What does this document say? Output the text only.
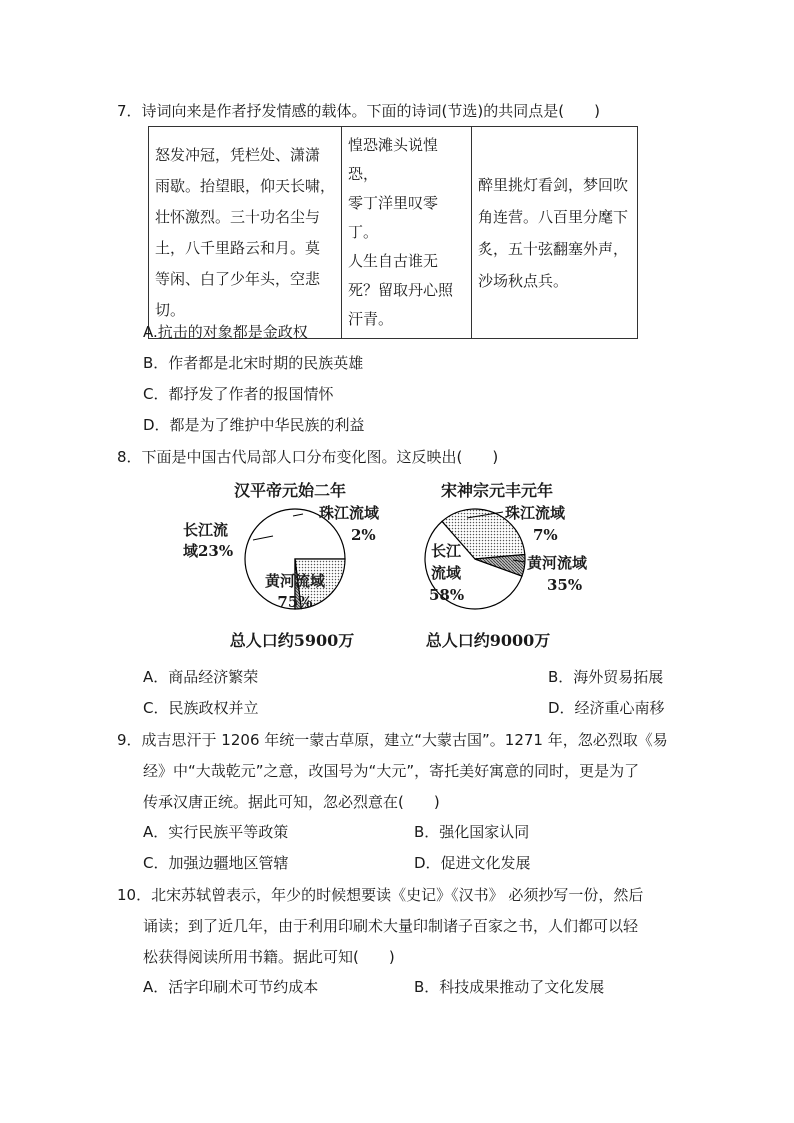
7．诗词向来是作者抒发情感的载体。下面的诗词(节选)的共同点是(　　)
怒发冲冠，凭栏处、潇潇
雨歇。抬望眼，仰天长啸，
壮怀激烈。三十功名尘与
土，八千里路云和月。莫
等闲、白了少年头，空悲
切。

惶恐滩头说惶恐，
零丁洋里叹零丁。
人生自古谁无
死？留取丹心照
汗青。

醉里挑灯看剑，梦回吹
角连营。八百里分麾下
炙，五十弦翻塞外声，
沙场秋点兵。
A.抗击的对象都是金政权
B．作者都是北宋时期的民族英雄
C．都抒发了作者的报国情怀
D．都是为了维护中华民族的利益
8．下面是中国古代局部人口分布变化图。这反映出(　　)
汉平帝元始二年
珠江流域
2%
长江流
域23%
黄河流域
75%
总人口约5900万
宋神宗元丰元年
珠江流域
7%
黄河流域
35%
长江
流域
58%
总人口约9000万
A．商品经济繁荣	B．海外贸易拓展
C．民族政权并立	D．经济重心南移
9．成吉思汗于 1206 年统一蒙古草原，建立“大蒙古国”。1271 年，忽必烈取《易
经》中“大哉乾元”之意，改国号为“大元”，寄托美好寓意的同时，更是为了
传承汉唐正统。据此可知，忽必烈意在(　　)
A．实行民族平等政策	B．强化国家认同
C．加强边疆地区管辖	D．促进文化发展
10．北宋苏轼曾表示，年少的时候想要读《史记》《汉书》 必须抄写一份，然后
诵读；到了近几年，由于利用印刷术大量印制诸子百家之书，人们都可以轻
松获得阅读所用书籍。据此可知(　　)
A．活字印刷术可节约成本	B．科技成果推动了文化发展
